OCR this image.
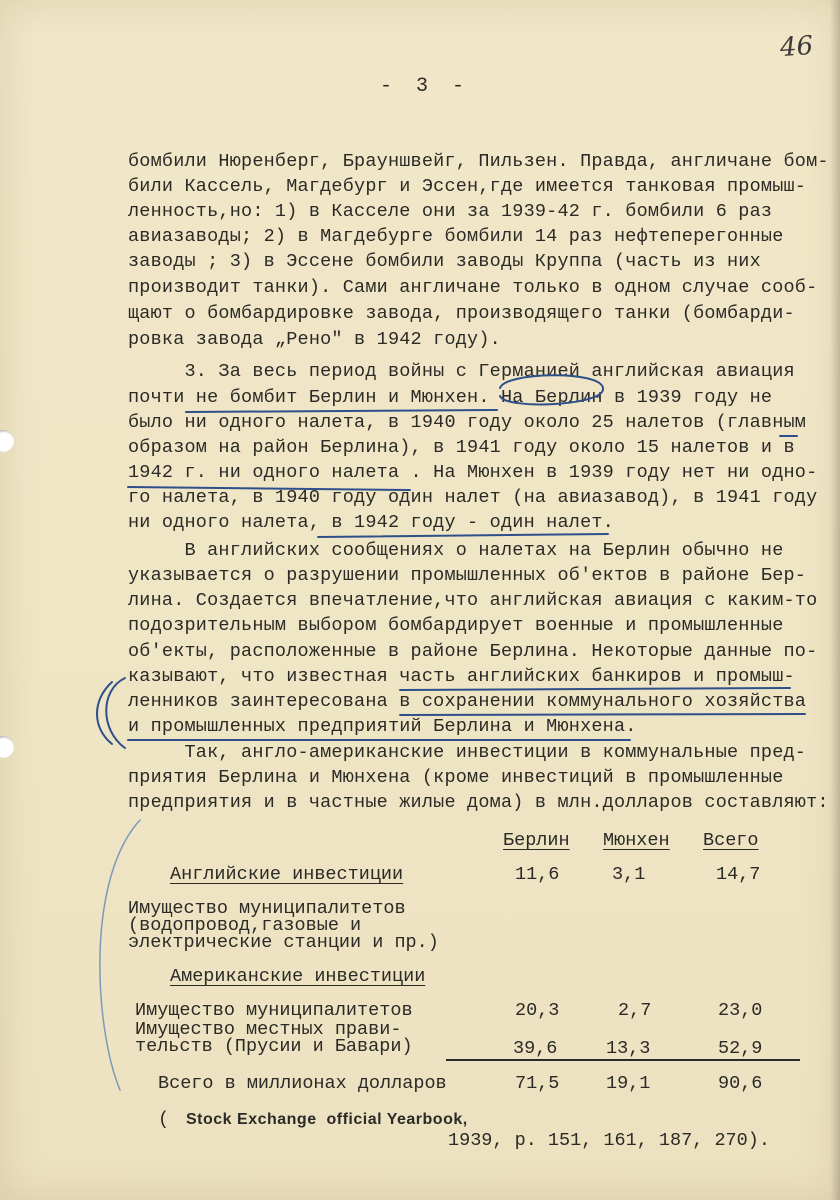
46
- 3 -
бомбили Нюренберг, Брауншвейг, Пильзен. Правда, англичане бом-
били Кассель, Магдебург и Эссен,где имеется танковая промыш-
ленность,но: 1) в Касселе они за 1939-42 г. бомбили 6 раз
авиазаводы; 2) в Магдебурге бомбили 14 раз нефтеперегонные
заводы ; 3) в Эссене бомбили заводы Круппа (часть из них
производит танки). Сами англичане только в одном случае сооб-
щают о бомбардировке завода, производящего танки (бомбарди-
ровка завода „Рено" в 1942 году).
3. За весь период войны с Германией английская авиация
почти не бомбит Берлин и Мюнхен. На Берлин в 1939 году не
было ни одного налета, в 1940 году около 25 налетов (главным
образом на район Берлина), в 1941 году около 15 налетов и в
1942 г. ни одного налета . На Мюнхен в 1939 году нет ни одно-
го налета, в 1940 году один налет (на авиазавод), в 1941 году
ни одного налета, в 1942 году - один налет.
В английских сообщениях о налетах на Берлин обычно не
указывается о разрушении промышленных об'ектов в районе Бер-
лина. Создается впечатление,что английская авиация с каким-то
подозрительным выбором бомбардирует военные и промышленные
об'екты, расположенные в районе Берлина. Некоторые данные по-
казывают, что известная часть английских банкиров и промыш-
ленников заинтересована в сохранении коммунального хозяйства
и промышленных предприятий Берлина и Мюнхена.
Так, англо-американские инвестиции в коммунальные пред-
приятия Берлина и Мюнхена (кроме инвестиций в промышленные
предприятия и в частные жилые дома) в млн.долларов составляют:
Берлин Мюнхен Всего
Английские инвестиции	11,6	3,1	14,7
Имущество муниципалитетов
(водопровод,газовые и
электрические станции и пр.)
Американские инвестиции
Имущество муниципалитетов	20,3	2,7	23,0
Имущество местных прави-
тельств (Прусии и Бавари)	39,6	13,3	52,9
Всего в миллионах долларов	71,5	19,1	90,6
( Stock Exchange  official Yearbook,
1939, p. 151, 161, 187, 270).
